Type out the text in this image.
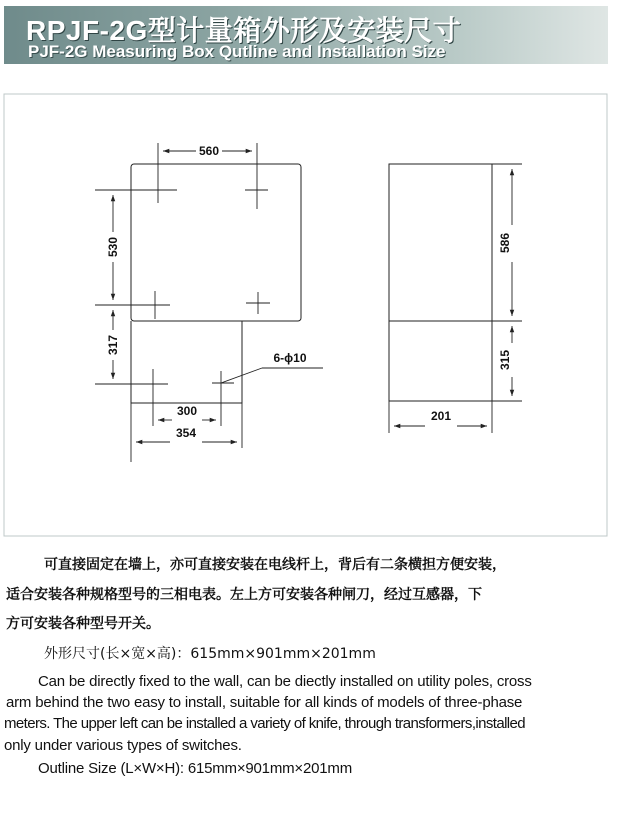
RPJF-2G型计量箱外形及安装尺寸
PJF-2G Measuring Box Qutline and Installation Size
560
530
317
300
354
6-ϕ10
586
315
201
可直接固定在墙上，亦可直接安装在电线杆上，背后有二条横担方便安装，
适合安装各种规格型号的三相电表。左上方可安装各种闸刀，经过互感器，下
方可安装各种型号开关。
外形尺寸(长×宽×高)：615mm×901mm×201mm
Can be directly fixed to the wall, can be diectly installed on utility poles, cross
arm behind the two easy to install, suitable for all kinds of models of three-phase
meters. The upper left can be installed a variety of knife, through transformers,installed
only under various types of switches.
Outline Size (L×W×H): 615mm×901mm×201mm
